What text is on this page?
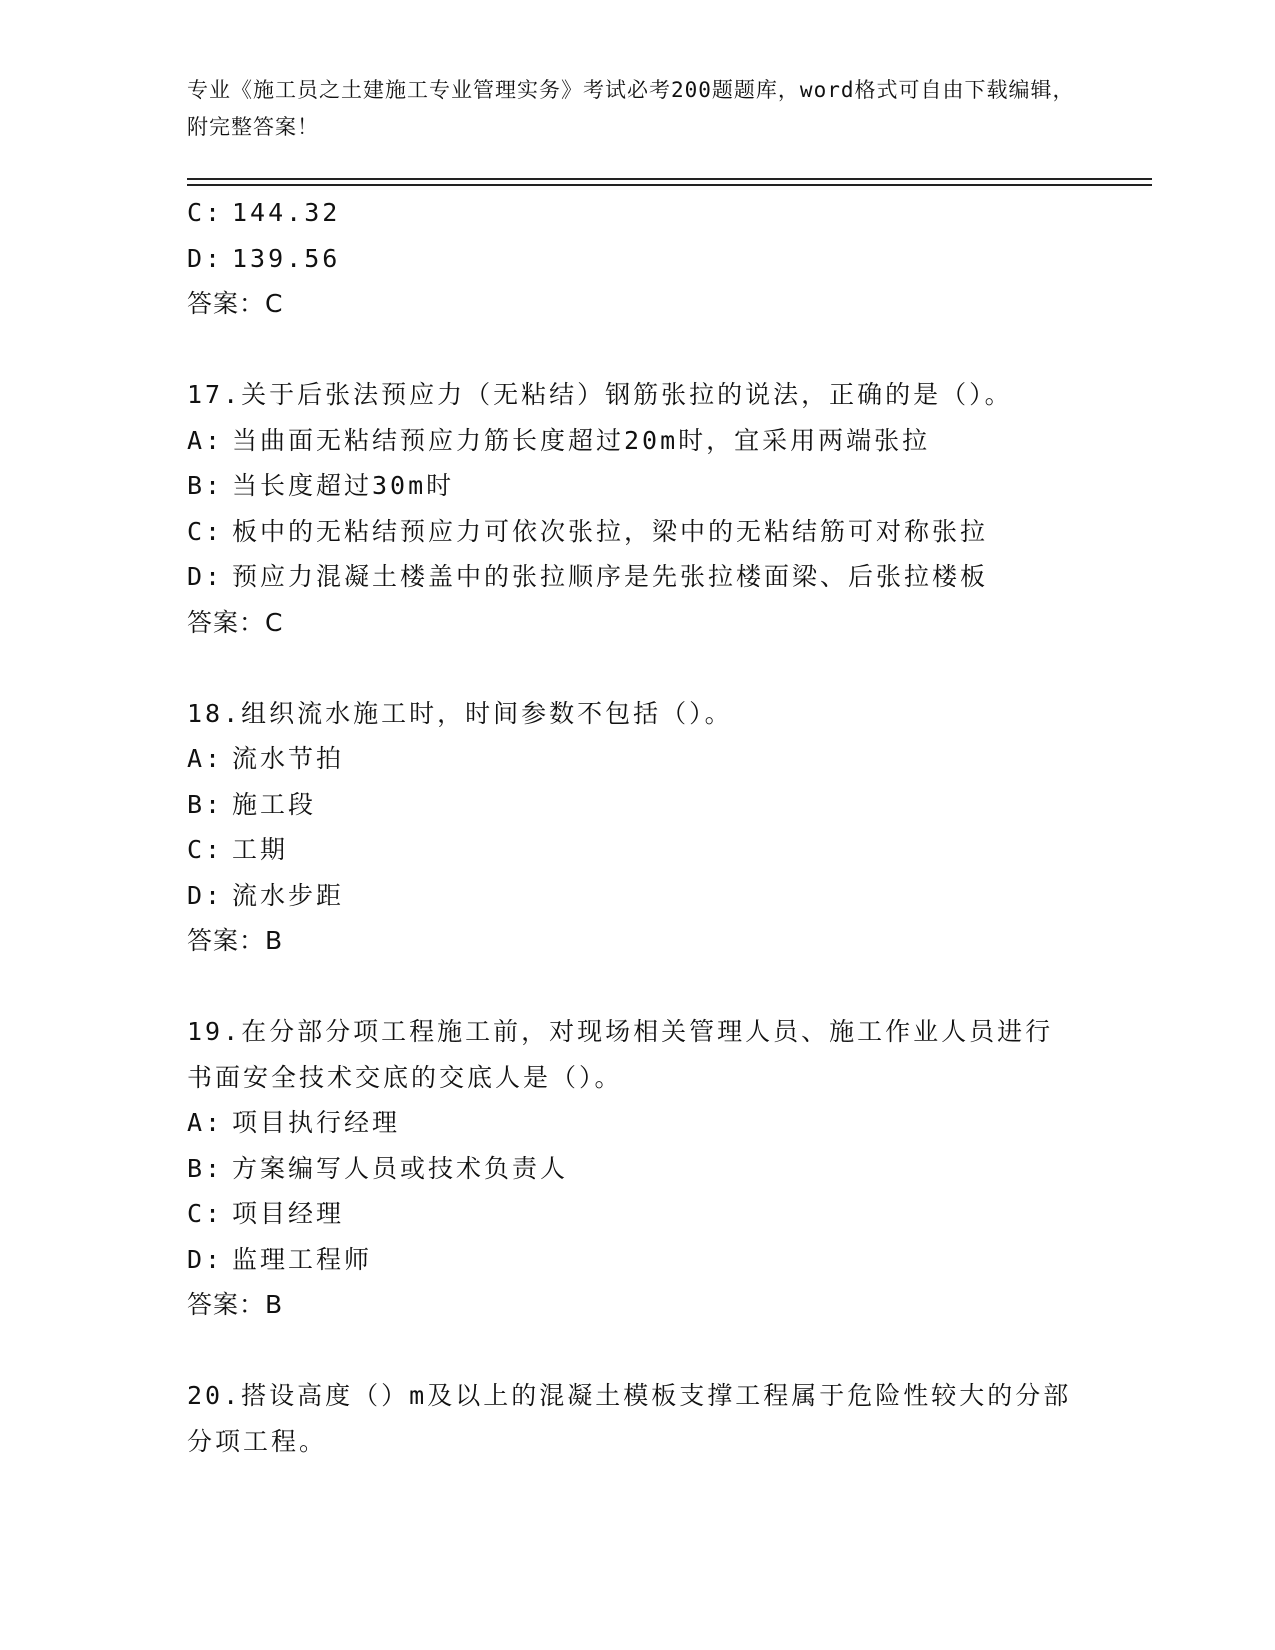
专业《施工员之土建施工专业管理实务》考试必考200题题库，word格式可自由下载编辑，附完整答案！
C: 144.32
D: 139.56
答案：C
17.关于后张法预应力（无粘结）钢筋张拉的说法，正确的是（）。
A: 当曲面无粘结预应力筋长度超过20m时，宜采用两端张拉
B: 当长度超过30m时
C: 板中的无粘结预应力可依次张拉，梁中的无粘结筋可对称张拉
D: 预应力混凝土楼盖中的张拉顺序是先张拉楼面梁、后张拉楼板
答案：C
18.组织流水施工时，时间参数不包括（）。
A: 流水节拍
B: 施工段
C: 工期
D: 流水步距
答案：B
19.在分部分项工程施工前，对现场相关管理人员、施工作业人员进行书面安全技术交底的交底人是（）。
A: 项目执行经理
B: 方案编写人员或技术负责人
C: 项目经理
D: 监理工程师
答案：B
20.搭设高度（）m及以上的混凝土模板支撑工程属于危险性较大的分部分项工程。
